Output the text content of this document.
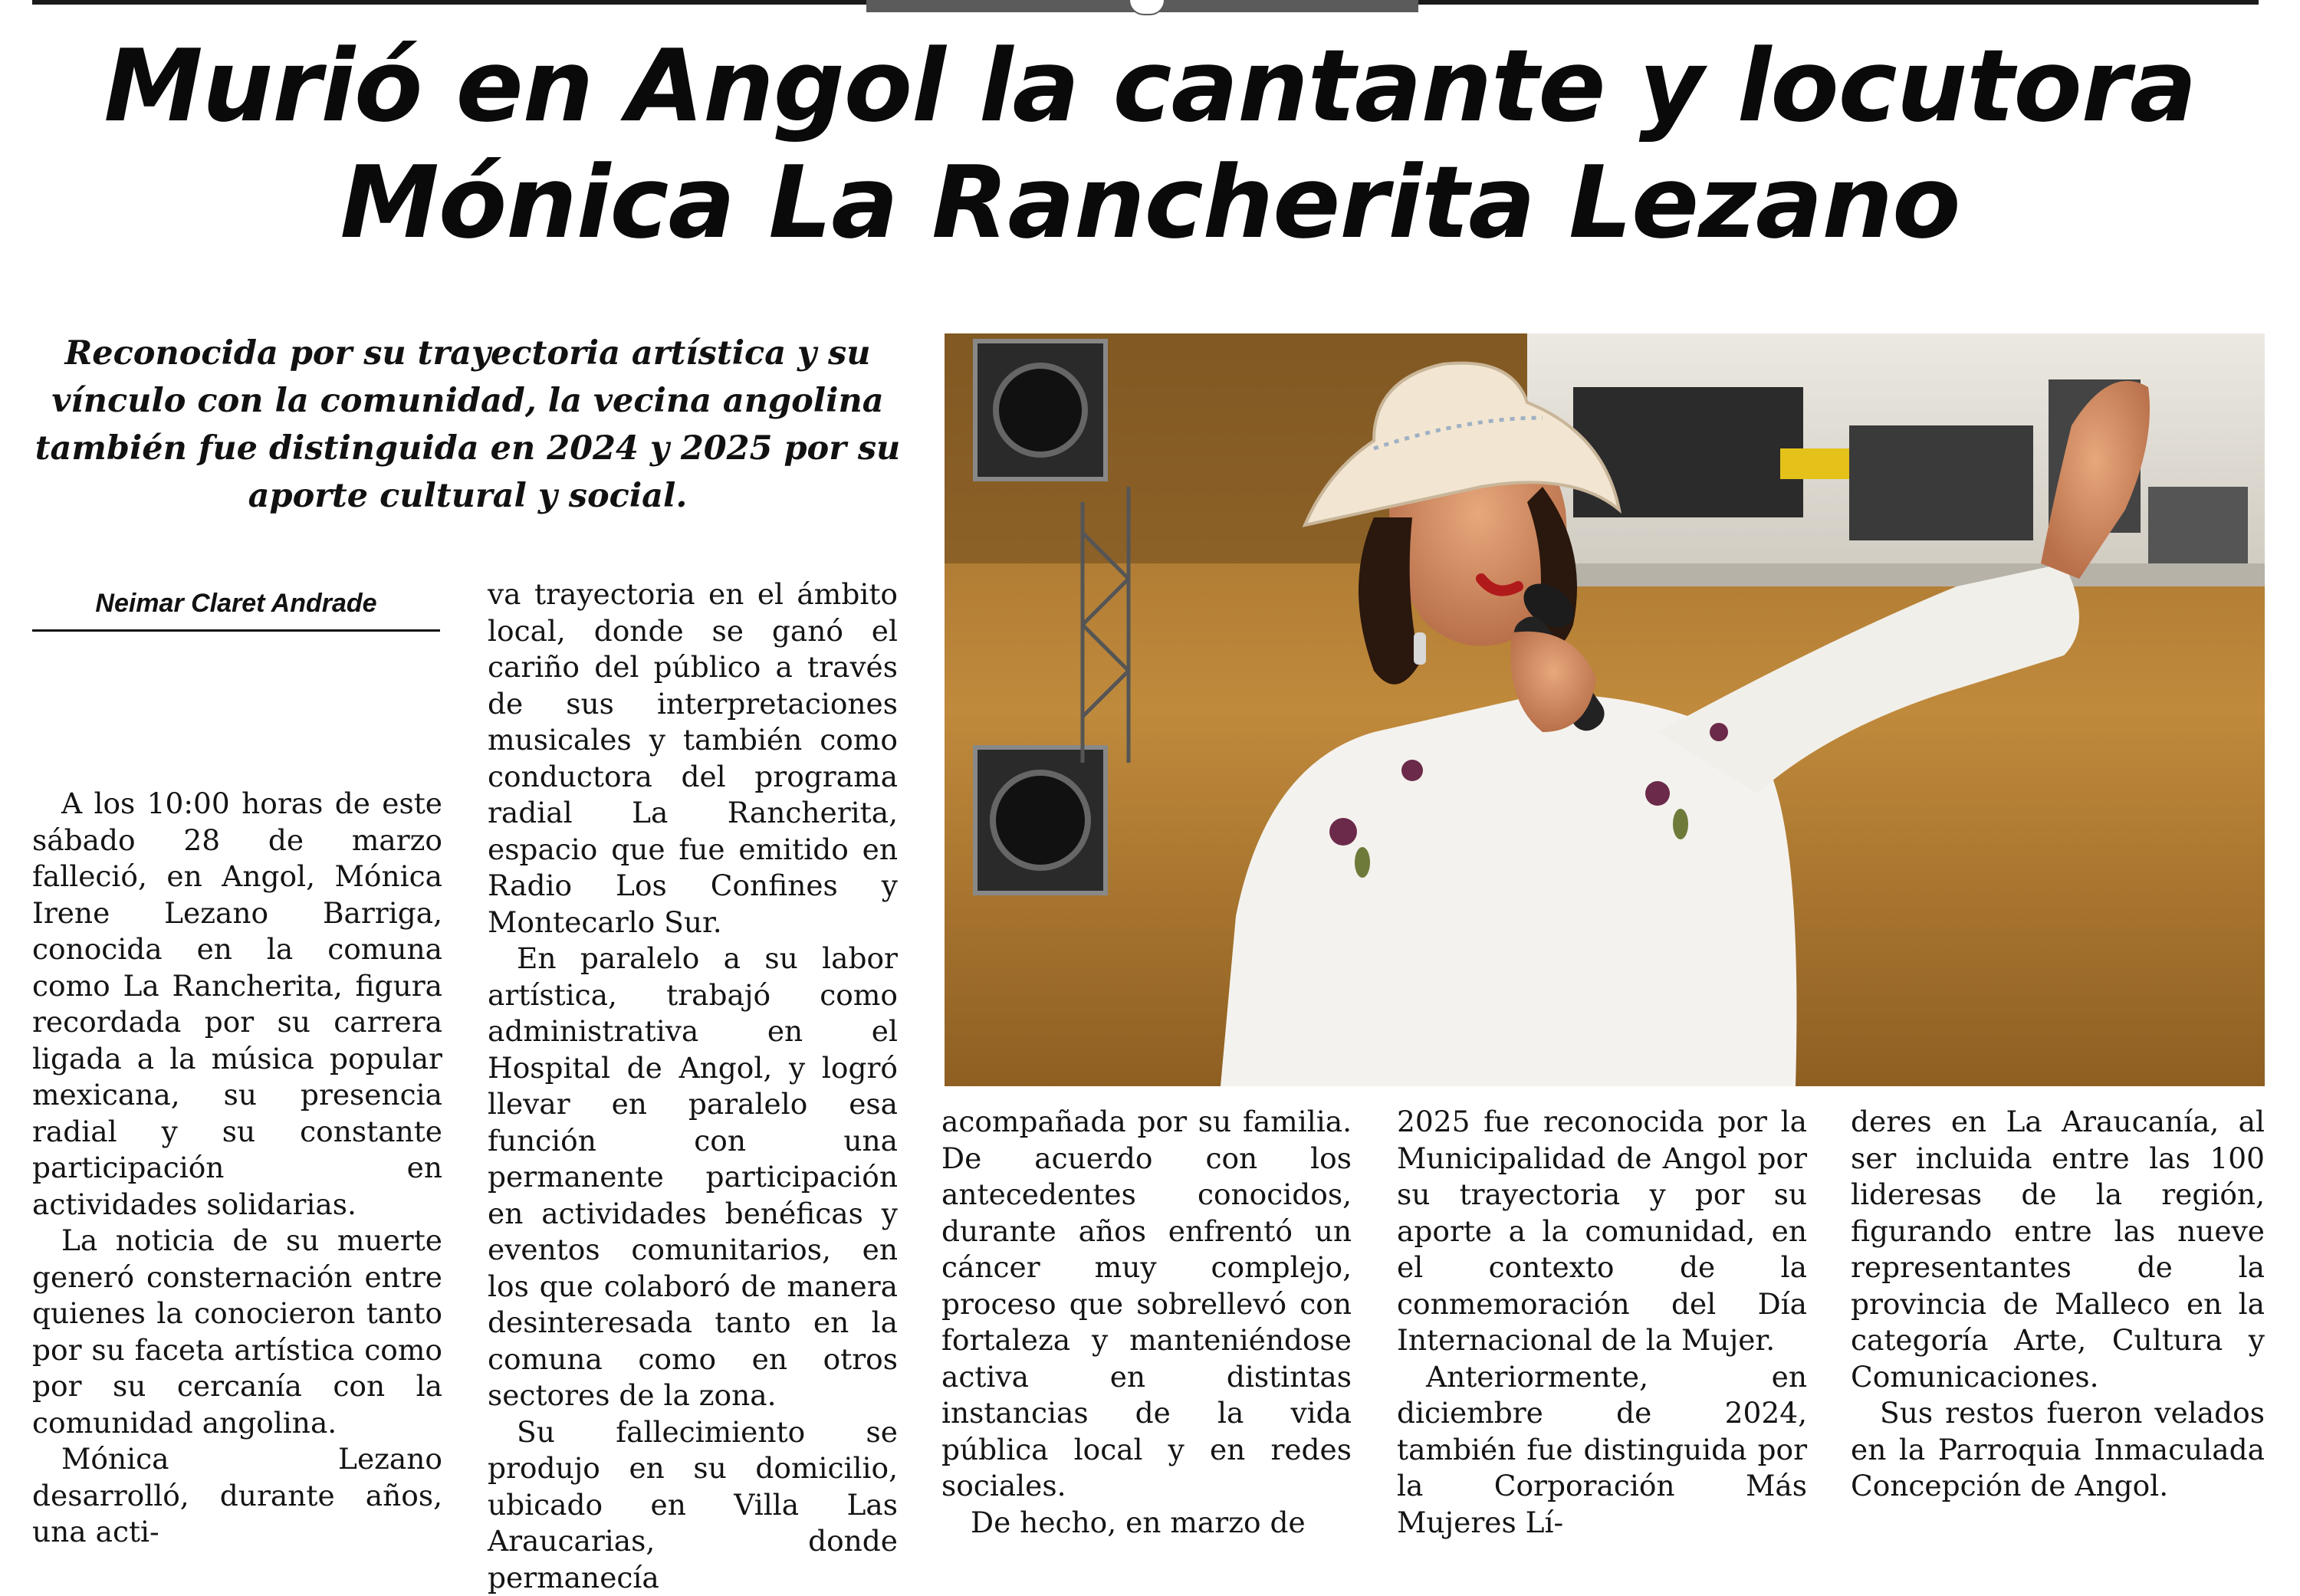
Murió en Angol la cantante y locutora
Mónica La Rancherita Lezano

Reconocida por su trayectoria artística y su vínculo con la comunidad, la vecina angolina también fue distinguida en 2024 y 2025 por su aporte cultural y social.

Neimar Claret Andrade

A los 10:00 horas de este sábado 28 de marzo falleció, en Angol, Mónica Irene Lezano Barriga, conocida en la comuna como La Rancherita, figura recordada por su carrera ligada a la música popular mexicana, su presencia radial y su constante participación en actividades solidarias.

La noticia de su muerte generó consternación entre quienes la conocieron tanto por su faceta artística como por su cercanía con la comunidad angolina.

Mónica Lezano desarrolló, durante años, una acti-

va trayectoria en el ámbito local, donde se ganó el cariño del público a través de sus interpretaciones musicales y también como conductora del programa radial La Rancherita, espacio que fue emitido en Radio Los Confines y Montecarlo Sur.

En paralelo a su labor artística, trabajó como administrativa en el Hospital de Angol, y logró llevar en paralelo esa función con una permanente participación en actividades benéficas y eventos comunitarios, en los que colaboró de manera desinteresada tanto en la comuna como en otros sectores de la zona.

Su fallecimiento se produjo en su domicilio, ubicado en Villa Las Araucarias, donde permanecía

acompañada por su familia. De acuerdo con los antecedentes conocidos, durante años enfrentó un cáncer muy complejo, proceso que sobrellevó con fortaleza y manteniéndose activa en distintas instancias de la vida pública local y en redes sociales.

De hecho, en marzo de

2025 fue reconocida por la Municipalidad de Angol por su trayectoria y por su aporte a la comunidad, en el contexto de la conmemoración del Día Internacional de la Mujer.

Anteriormente, en diciembre de 2024, también fue distinguida por la Corporación Más Mujeres Lí-

deres en La Araucanía, al ser incluida entre las 100 lideresas de la región, figurando entre las nueve representantes de la provincia de Malleco en la categoría Arte, Cultura y Comunicaciones.

Sus restos fueron velados en la Parroquia Inmaculada Concepción de Angol.
